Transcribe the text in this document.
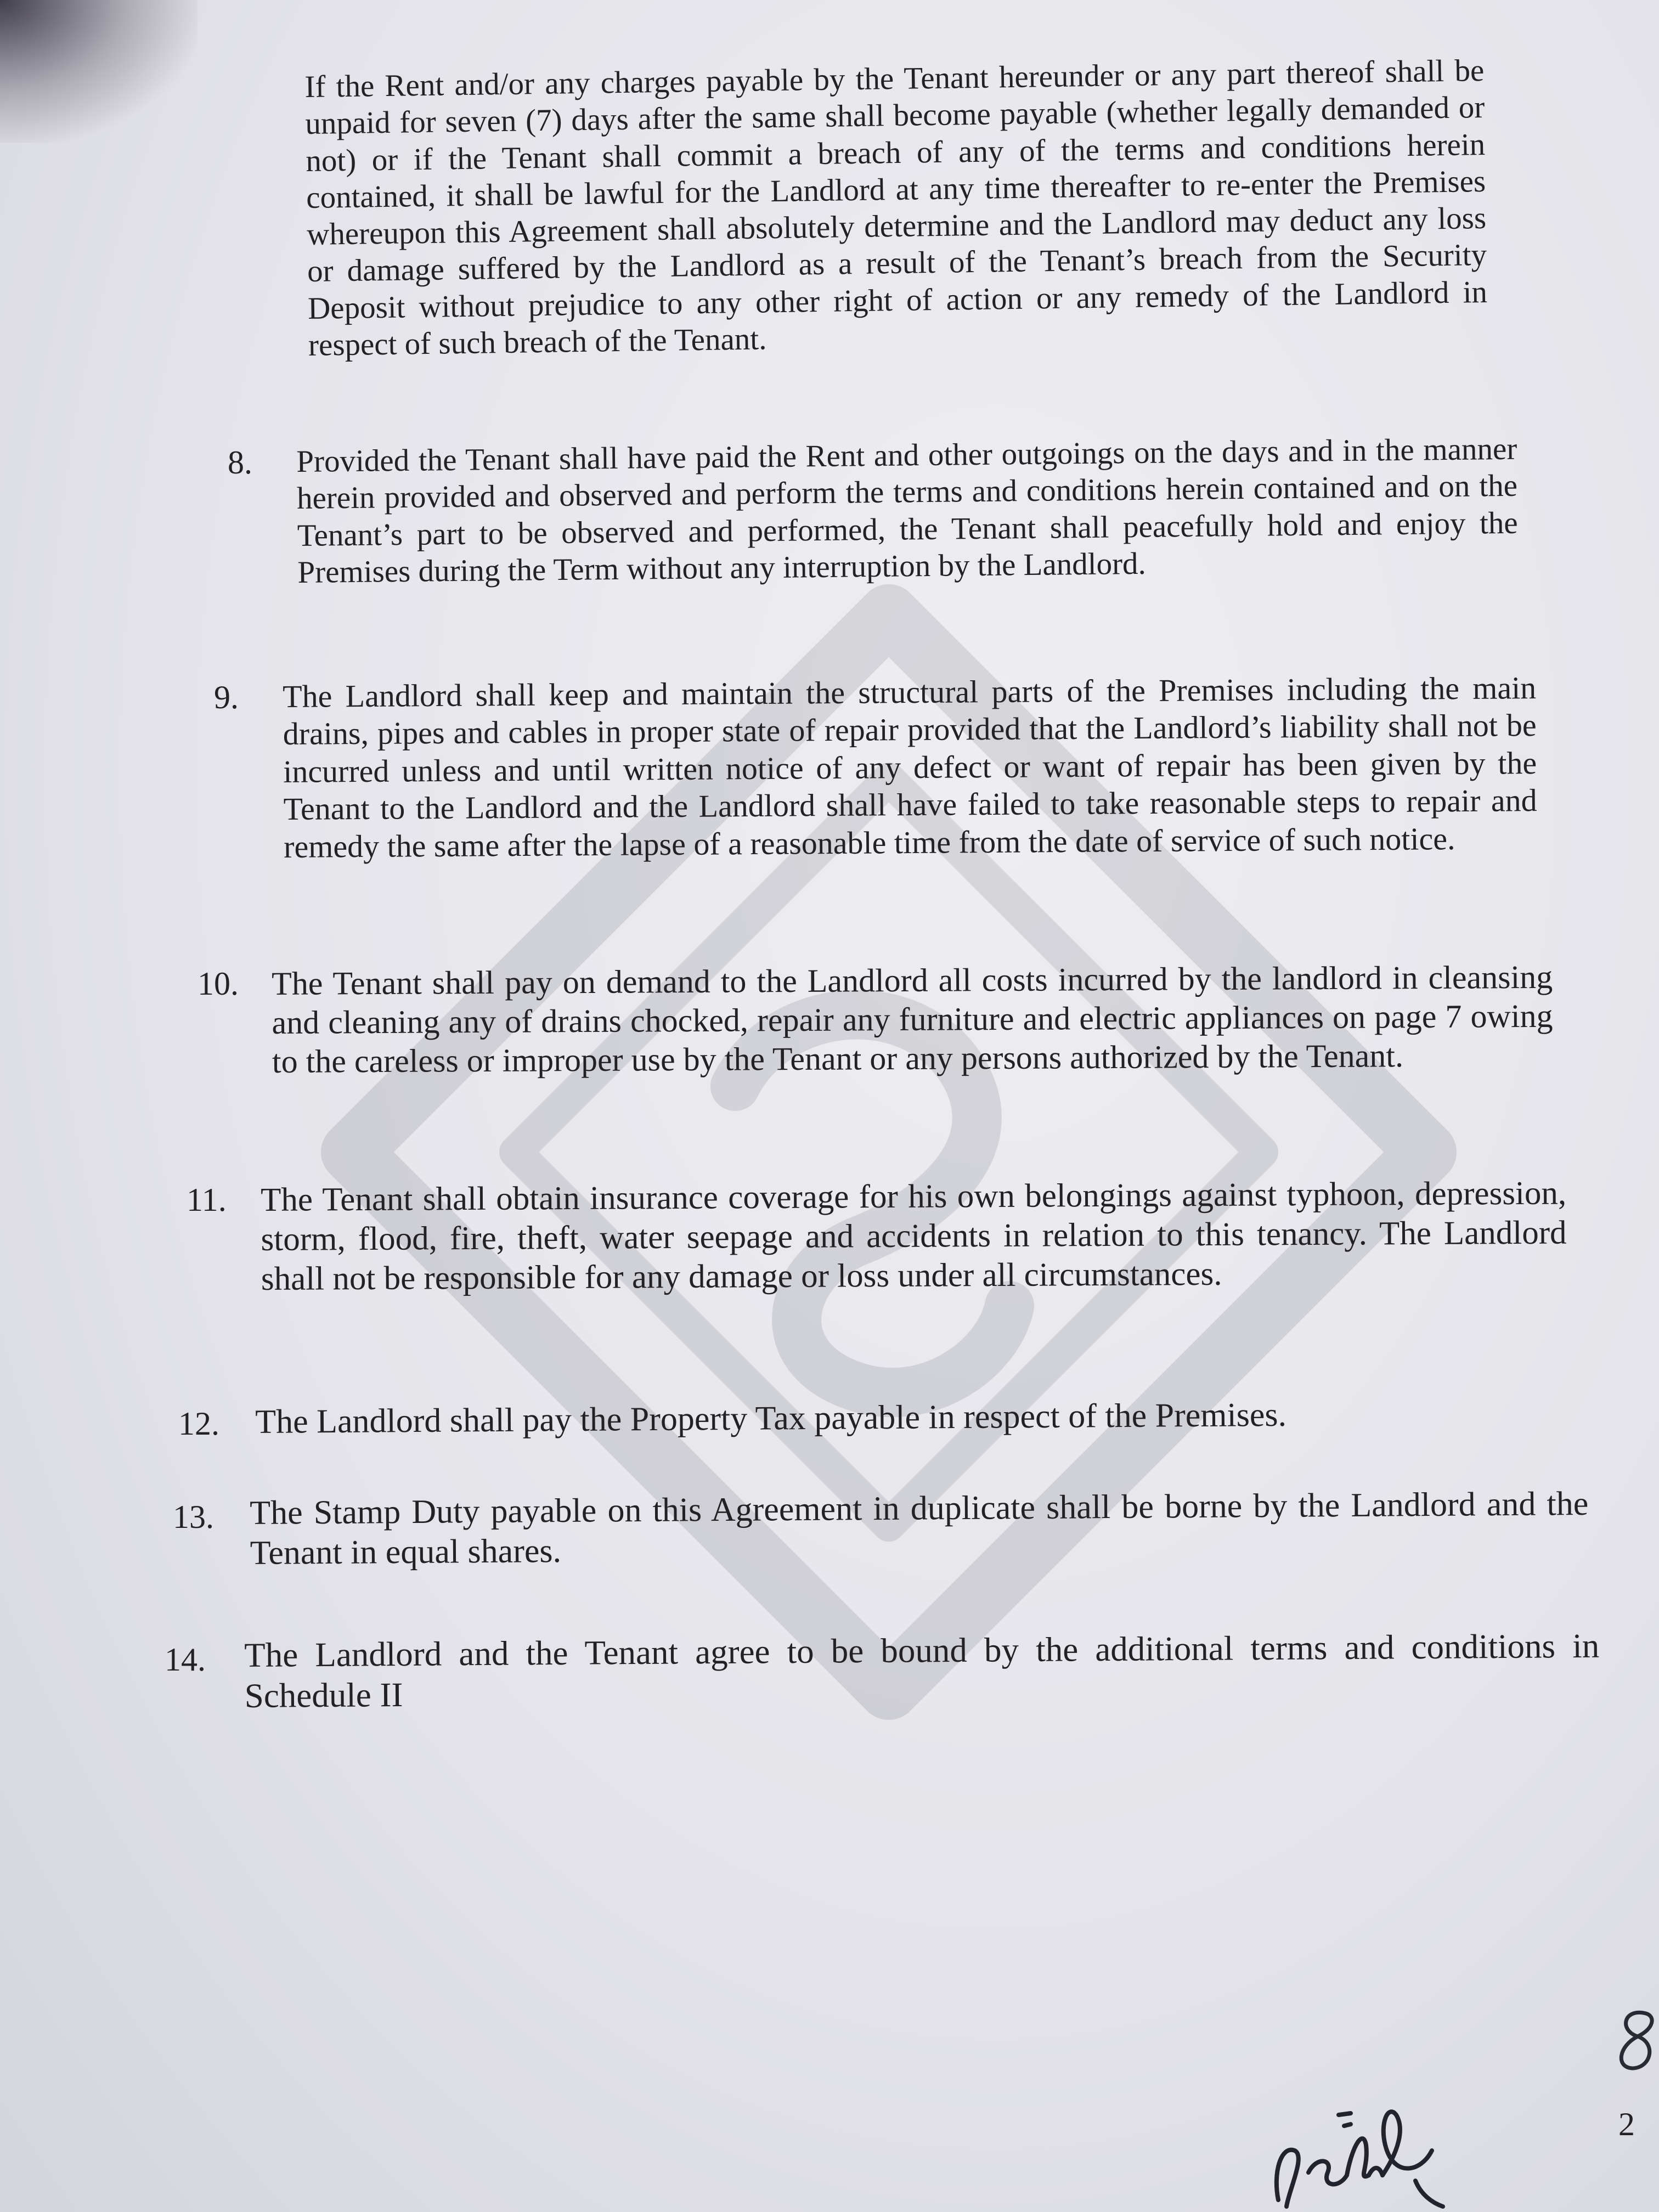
If the Rent and/or any charges payable by the Tenant hereunder or any part thereof shall be unpaid for seven (7) days after the same shall become payable (whether legally demanded or not) or if the Tenant shall commit a breach of any of the terms and conditions herein contained, it shall be lawful for the Landlord at any time thereafter to re-enter the Premises whereupon this Agreement shall absolutely determine and the Landlord may deduct any loss or damage suffered by the Landlord as a result of the Tenant’s breach from the Security Deposit without prejudice to any other right of action or any remedy of the Landlord in respect of such breach of the Tenant.

8. Provided the Tenant shall have paid the Rent and other outgoings on the days and in the manner herein provided and observed and perform the terms and conditions herein contained and on the Tenant’s part to be observed and performed, the Tenant shall peacefully hold and enjoy the Premises during the Term without any interruption by the Landlord.

9. The Landlord shall keep and maintain the structural parts of the Premises including the main drains, pipes and cables in proper state of repair provided that the Landlord’s liability shall not be incurred unless and until written notice of any defect or want of repair has been given by the Tenant to the Landlord and the Landlord shall have failed to take reasonable steps to repair and remedy the same after the lapse of a reasonable time from the date of service of such notice.

10. The Tenant shall pay on demand to the Landlord all costs incurred by the landlord in cleansing and cleaning any of drains chocked, repair any furniture and electric appliances on page 7 owing to the careless or improper use by the Tenant or any persons authorized by the Tenant.

11. The Tenant shall obtain insurance coverage for his own belongings against typhoon, depression, storm, flood, fire, theft, water seepage and accidents in relation to this tenancy. The Landlord shall not be responsible for any damage or loss under all circumstances.

12. The Landlord shall pay the Property Tax payable in respect of the Premises.

13. The Stamp Duty payable on this Agreement in duplicate shall be borne by the Landlord and the Tenant in equal shares.

14. The Landlord and the Tenant agree to be bound by the additional terms and conditions in Schedule II

2
